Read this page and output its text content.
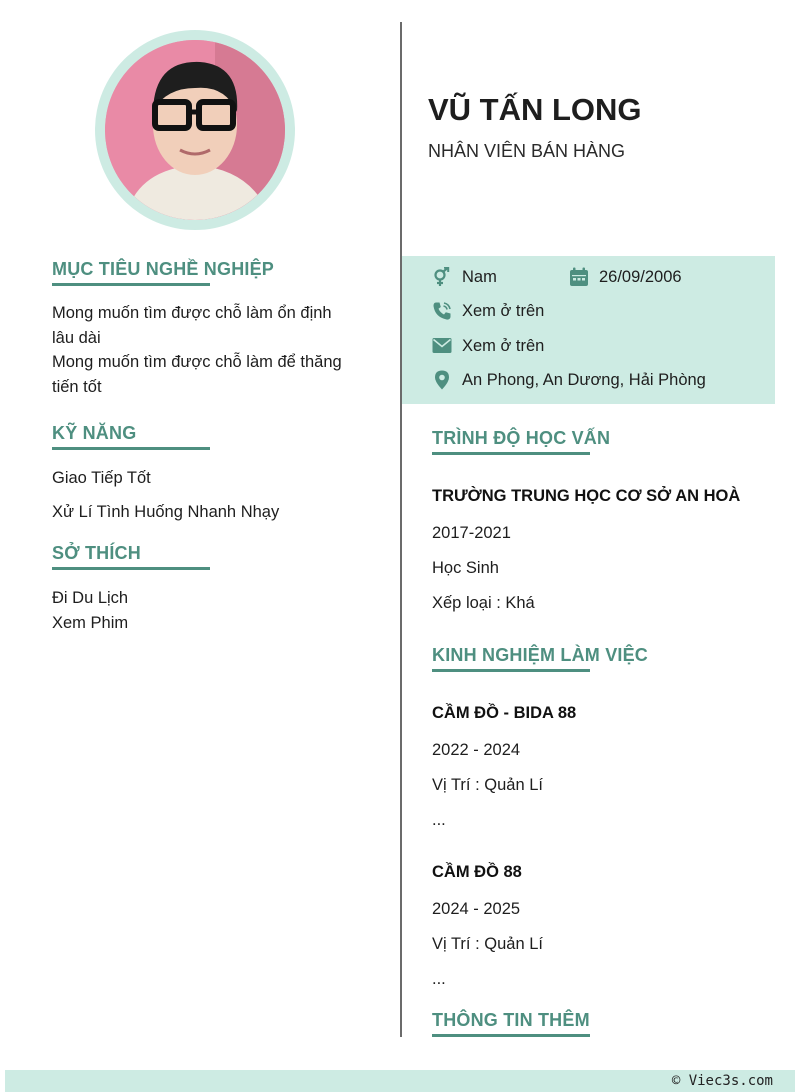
MỤC TIÊU NGHỀ NGHIỆP
Mong muốn tìm được chỗ làm ổn định
lâu dài
Mong muốn tìm được chỗ làm để thăng
tiến tốt
KỸ NĂNG
Giao Tiếp Tốt
Xử Lí Tình Huống Nhanh Nhạy
SỞ THÍCH
Đi Du Lịch
Xem Phim
VŨ TẤN LONG
NHÂN VIÊN BÁN HÀNG
Nam	26/09/2006
Xem ở trên
Xem ở trên
An Phong, An Dương, Hải Phòng
TRÌNH ĐỘ HỌC VẤN
TRƯỜNG TRUNG HỌC CƠ SỞ AN HOÀ
2017-2021
Học Sinh
Xếp loại : Khá
KINH NGHIỆM LÀM VIỆC
CẦM ĐỒ - BIDA 88
2022 - 2024
Vị Trí : Quản Lí
...
CẦM ĐỒ 88
2024 - 2025
Vị Trí : Quản Lí
...
THÔNG TIN THÊM
© Viec3s.com
